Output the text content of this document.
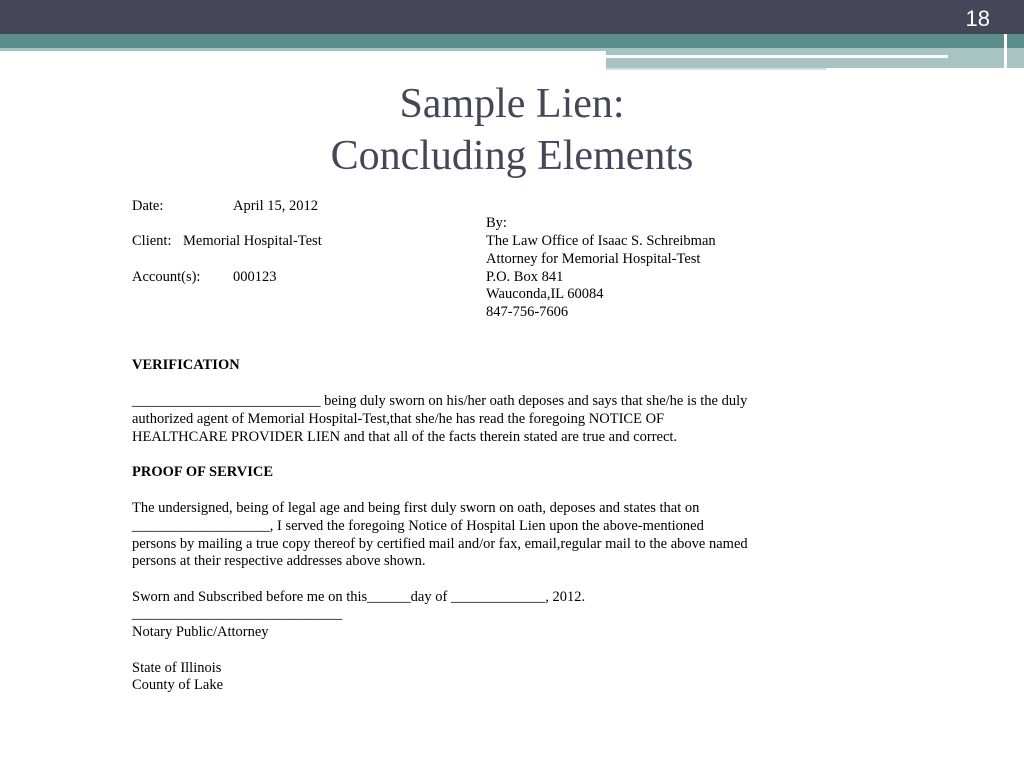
18
Sample Lien:
Concluding Elements
Date:	April 15, 2012
Client: Memorial Hospital-Test
Account(s): 000123
By:
The Law Office of Isaac S. Schreibman
Attorney for Memorial Hospital-Test
P.O. Box 841
Wauconda,IL 60084
847-756-7606
VERIFICATION
__________________________ being duly sworn on his/her oath deposes and says that she/he is the duly
authorized agent of Memorial Hospital-Test,that she/he has read the foregoing NOTICE OF
HEALTHCARE PROVIDER LIEN and that all of the facts therein stated are true and correct.
PROOF OF SERVICE
The undersigned, being of legal age and being first duly sworn on oath, deposes and states that on
___________________, I served the foregoing Notice of Hospital Lien upon the above-mentioned
persons by mailing a true copy thereof by certified mail and/or fax, email,regular mail to the above named
persons at their respective addresses above shown.
Sworn and Subscribed before me on this______day of _____________, 2012.
_____________________________
Notary Public/Attorney
State of Illinois
County of Lake
